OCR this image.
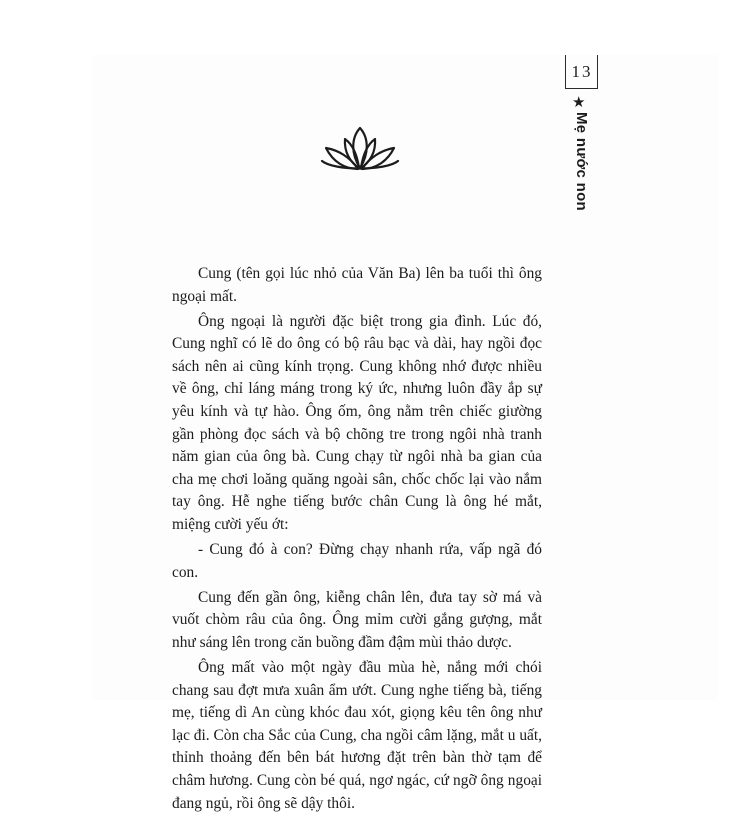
13
★
Mẹ nước non

Cung (tên gọi lúc nhỏ của Văn Ba) lên ba tuổi thì ông ngoại mất.

Ông ngoại là người đặc biệt trong gia đình. Lúc đó, Cung nghĩ có lẽ do ông có bộ râu bạc và dài, hay ngồi đọc sách nên ai cũng kính trọng. Cung không nhớ được nhiều về ông, chỉ láng máng trong ký ức, nhưng luôn đầy ắp sự yêu kính và tự hào. Ông ốm, ông nằm trên chiếc giường gần phòng đọc sách và bộ chõng tre trong ngôi nhà tranh năm gian của ông bà. Cung chạy từ ngôi nhà ba gian của cha mẹ chơi loăng quăng ngoài sân, chốc chốc lại vào nắm tay ông. Hễ nghe tiếng bước chân Cung là ông hé mắt, miệng cười yếu ớt:

- Cung đó à con? Đừng chạy nhanh rứa, vấp ngã đó con.

Cung đến gần ông, kiễng chân lên, đưa tay sờ má và vuốt chòm râu của ông. Ông mỉm cười gắng gượng, mắt như sáng lên trong căn buồng đầm đậm mùi thảo dược.

Ông mất vào một ngày đầu mùa hè, nắng mới chói chang sau đợt mưa xuân ẩm ướt. Cung nghe tiếng bà, tiếng mẹ, tiếng dì An cùng khóc đau xót, giọng kêu tên ông như lạc đi. Còn cha Sắc của Cung, cha ngồi câm lặng, mắt u uất, thỉnh thoảng đến bên bát hương đặt trên bàn thờ tạm để châm hương. Cung còn bé quá, ngơ ngác, cứ ngỡ ông ngoại đang ngủ, rồi ông sẽ dậy thôi.
